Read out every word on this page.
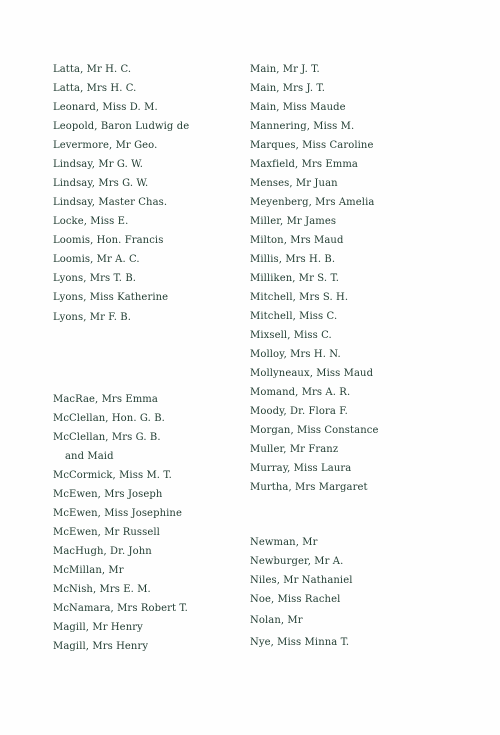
Latta, Mr H. C.
Latta, Mrs H. C.
Leonard, Miss D. M.
Leopold, Baron Ludwig de
Levermore, Mr Geo.
Lindsay, Mr G. W.
Lindsay, Mrs G. W.
Lindsay, Master Chas.
Locke, Miss E.
Loomis, Hon. Francis
Loomis, Mr A. C.
Lyons, Mrs T. B.
Lyons, Miss Katherine
Lyons, Mr F. B.
MacRae, Mrs Emma
McClellan, Hon. G. B.
McClellan, Mrs G. B.
and Maid
McCormick, Miss M. T.
McEwen, Mrs Joseph
McEwen, Miss Josephine
McEwen, Mr Russell
MacHugh, Dr. John
McMillan, Mr
McNish, Mrs E. M.
McNamara, Mrs Robert T.
Magill, Mr Henry
Magill, Mrs Henry
Main, Mr J. T.
Main, Mrs J. T.
Main, Miss Maude
Mannering, Miss M.
Marques, Miss Caroline
Maxfield, Mrs Emma
Menses, Mr Juan
Meyenberg, Mrs Amelia
Miller, Mr James
Milton, Mrs Maud
Millis, Mrs H. B.
Milliken, Mr S. T.
Mitchell, Mrs S. H.
Mitchell, Miss C.
Mixsell, Miss C.
Molloy, Mrs H. N.
Mollyneaux, Miss Maud
Momand, Mrs A. R.
Moody, Dr. Flora F.
Morgan, Miss Constance
Muller, Mr Franz
Murray, Miss Laura
Murtha, Mrs Margaret
Newman, Mr
Newburger, Mr A.
Niles, Mr Nathaniel
Noe, Miss Rachel
Nolan, Mr
Nye, Miss Minna T.
